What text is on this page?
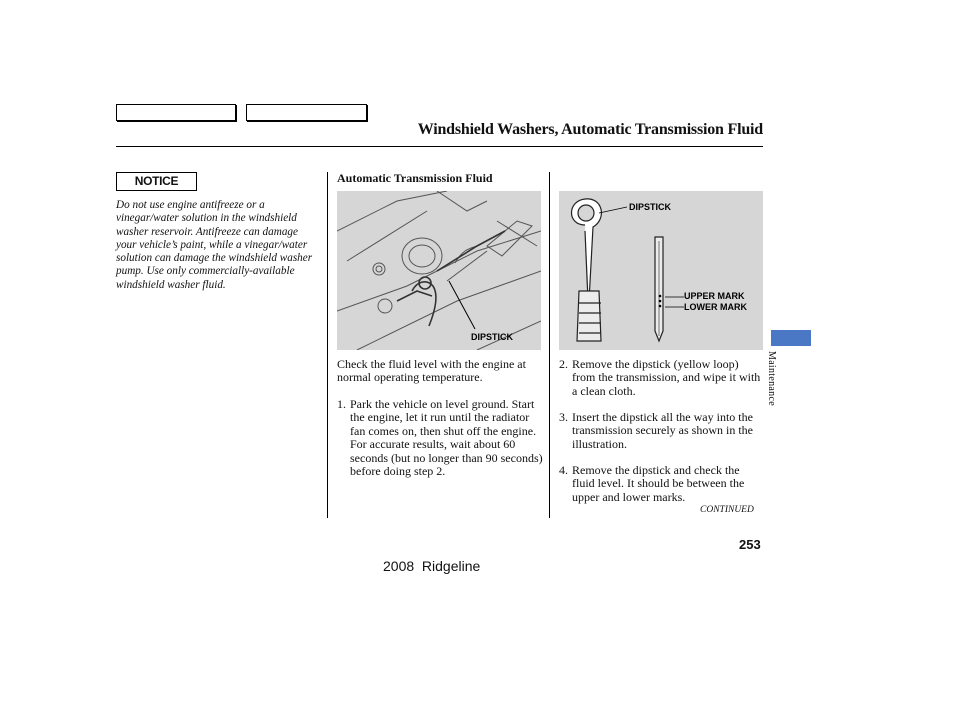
Windshield Washers, Automatic Transmission Fluid
NOTICE
Do not use engine antifreeze or a vinegar/water solution in the windshield washer reservoir. Antifreeze can damage your vehicle’s paint, while a vinegar/water solution can damage the windshield washer pump. Use only commercially-available windshield washer fluid.
Automatic Transmission Fluid
DIPSTICK
DIPSTICK
UPPER MARK
LOWER MARK
Check the fluid level with the engine at normal operating temperature.
1. Park the vehicle on level ground. Start the engine, let it run until the radiator fan comes on, then shut off the engine. For accurate results, wait about 60 seconds (but no longer than 90 seconds) before doing step 2.
2. Remove the dipstick (yellow loop) from the transmission, and wipe it with a clean cloth.
3. Insert the dipstick all the way into the transmission securely as shown in the illustration.
4. Remove the dipstick and check the fluid level. It should be between the upper and lower marks.
CONTINUED
253
2008  Ridgeline
Maintenance
